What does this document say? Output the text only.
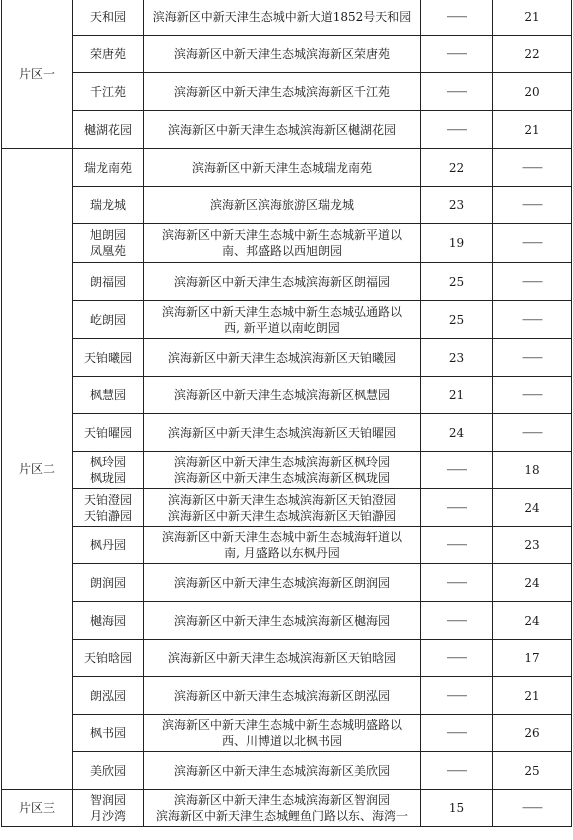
片区一	天和园	滨海新区中新天津生态城中新大道1852号天和园	——	21

	荣唐苑	滨海新区中新天津生态城滨海新区荣唐苑	——	22

	千江苑	滨海新区中新天津生态城滨海新区千江苑	——	20

	樾湖花园	滨海新区中新天津生态城滨海新区樾湖花园	——	21

片区二	瑞龙南苑	滨海新区中新天津生态城瑞龙南苑	22	——

	瑞龙城	滨海新区滨海旅游区瑞龙城	23	——

	旭朗园
凤凰苑	滨海新区中新天津生态城中新生态城新平道以
南、邦盛路以西旭朗园	19	——

	朗福园	滨海新区中新天津生态城滨海新区朗福园	25	——

	屹朗园	滨海新区中新天津生态城中新生态城弘通路以
西, 新平道以南屹朗园	25	——

	天铂曦园	滨海新区中新天津生态城滨海新区天铂曦园	23	——

	枫慧园	滨海新区中新天津生态城滨海新区枫慧园	21	——

	天铂曜园	滨海新区中新天津生态城滨海新区天铂曜园	24	——

	枫玲园
枫珑园	滨海新区中新天津生态城滨海新区枫玲园
滨海新区中新天津生态城滨海新区枫珑园	——	18

	天铂澄园
天铂瀞园	滨海新区中新天津生态城滨海新区天铂澄园
滨海新区中新天津生态城滨海新区天铂瀞园	——	24

	枫丹园	滨海新区中新天津生态城中新生态城海轩道以
南, 月盛路以东枫丹园	——	23

	朗润园	滨海新区中新天津生态城滨海新区朗润园	——	24

	樾海园	滨海新区中新天津生态城滨海新区樾海园	——	24

	天铂晗园	滨海新区中新天津生态城滨海新区天铂晗园	——	17

	朗泓园	滨海新区中新天津生态城滨海新区朗泓园	——	21

	枫书园	滨海新区中新天津生态城中新生态城明盛路以
西、川博道以北枫书园	——	26

	美欣园	滨海新区中新天津生态城滨海新区美欣园	——	25

片区三	智润园
月沙湾	滨海新区中新天津生态城滨海新区智润园
滨海新区中新天津生态城鲤鱼门路以东、海湾一	15	——
